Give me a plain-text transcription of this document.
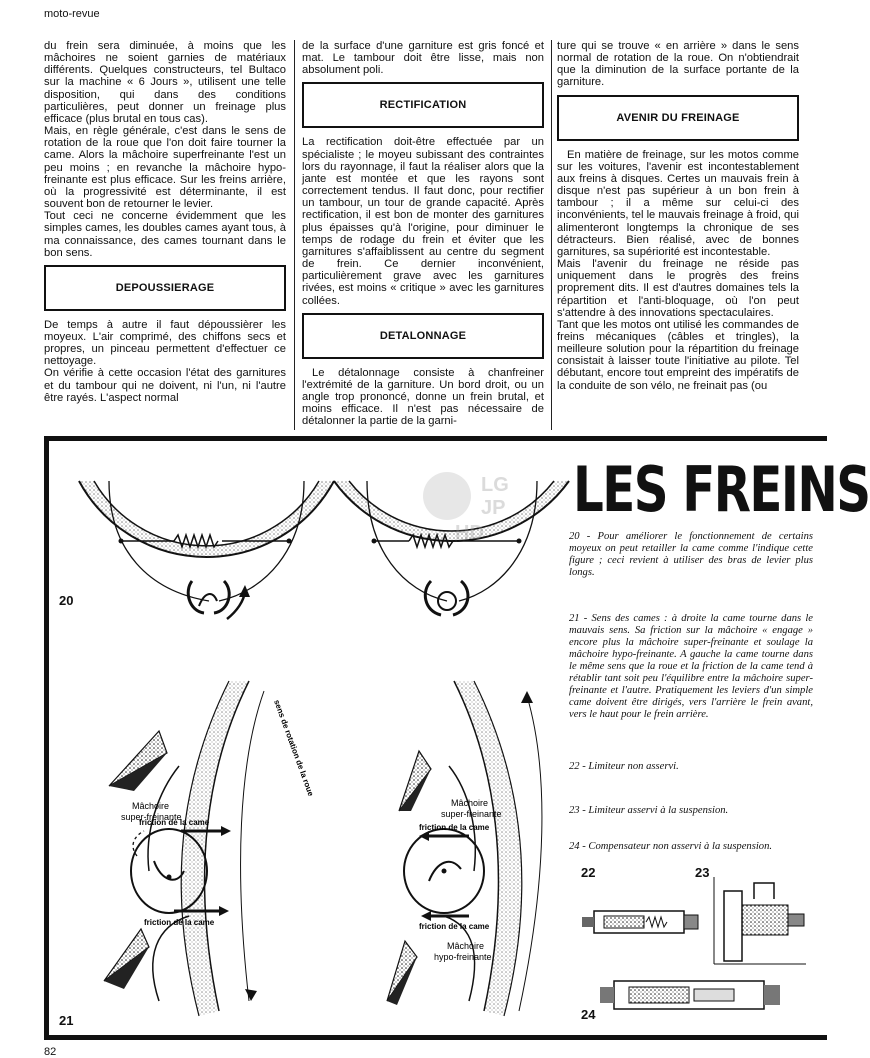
moto-revue

du frein sera diminuée, à moins que les mâchoires ne soient garnies de matériaux différents. Quelques constructeurs, tel Bultaco sur la machine « 6 Jours », utilisent une telle disposition, qui dans des conditions particulières, peut donner un freinage plus efficace (plus brutal en tous cas).

Mais, en règle générale, c'est dans le sens de rotation de la roue que l'on doit faire tourner la came. Alors la mâchoire superfreinante l'est un peu moins ; en revanche la mâchoire hypo-freinante est plus efficace. Sur les freins arrière, où la progressivité est déterminante, il est souvent bon de retourner le levier.

Tout ceci ne concerne évidemment que les simples cames, les doubles cames ayant tous, à ma connaissance, des cames tournant dans le bon sens.

DEPOUSSIERAGE

De temps à autre il faut dépoussièrer les moyeux. L'air comprimé, des chiffons secs et propres, un pinceau permettent d'effectuer ce nettoyage.

On vérifie à cette occasion l'état des garnitures et du tambour qui ne doivent, ni l'un, ni l'autre être rayés. L'aspect normal

de la surface d'une garniture est gris foncé et mat. Le tambour doit être lisse, mais non absolument poli.

RECTIFICATION

La rectification doit-être effectuée par un spécialiste ; le moyeu subissant des contraintes lors du rayonnage, il faut la réaliser alors que la jante est montée et que les rayons sont correctement tendus. Il faut donc, pour rectifier un tambour, un tour de grande capacité. Après rectification, il est bon de monter des garnitures plus épaisses qu'à l'origine, pour diminuer le temps de rodage du frein et éviter que les garnitures s'affaiblissent au centre du segment de frein. Ce dernier inconvénient, particulièrement grave avec les garnitures rivées, est moins « critique » avec les garnitures collées.

DETALONNAGE

Le détalonnage consiste à chanfreiner l'extrémité de la garniture. Un bord droit, ou un angle trop prononcé, donne un frein brutal, et moins efficace. Il n'est pas nécessaire de détalonner la partie de la garni-

ture qui se trouve « en arrière » dans le sens normal de rotation de la roue. On n'obtiendrait que la diminution de la surface portante de la garniture.

AVENIR DU FREINAGE

En matière de freinage, sur les motos comme sur les voitures, l'avenir est incontestablement aux freins à disques. Certes un mauvais frein à disque n'est pas supérieur à un bon frein à tambour ; il a même sur celui-ci des inconvénients, tel le mauvais freinage à froid, qui alimenteront longtemps la chronique de ses détracteurs. Bien réalisé, avec de bonnes garnitures, sa supériorité est incontestable.

Mais l'avenir du freinage ne réside pas uniquement dans le progrès des freins proprement dits. Il est d'autres domaines tels la répartition et l'anti-bloquage, où l'on peut s'attendre à des innovations spectaculaires.

Tant que les motos ont utilisé les commandes de freins mécaniques (câbles et tringles), la meilleure solution pour la répartition du freinage consistait à laisser toute l'initiative au pilote. Tel débutant, encore tout empreint des impératifs de la conduite de son vélo, ne freinait pas (ou

LES FREINS
LG
JP
HD
20
Mâchoire
super-freinante
friction de la came
friction de la came
sens de rotation de la roue
Mâchoire
super-freinante
friction de la came
friction de la came
Mâchoire
hypo-freinante
21
20 - Pour améliorer le fonctionnement de certains moyeux on peut retailler la came comme l'indique cette figure ; ceci revient à utiliser des bras de levier plus longs.
21 - Sens des cames : à droite la came tourne dans le mauvais sens. Sa friction sur la mâchoire « engage » encore plus la mâchoire super-freinante et soulage la mâchoire hypo-freinante. A gauche la came tourne dans le même sens que la roue et la friction de la came tend à rétablir tant soit peu l'équilibre entre la mâchoire super-freinante et l'autre. Pratiquement les leviers d'un simple came doivent être dirigés, vers l'arrière le frein avant, vers le haut pour le frein arrière.
22 - Limiteur non asservi.
23 - Limiteur asservi à la suspension.
24 - Compensateur non asservi à la suspension.
22	23
24
82
